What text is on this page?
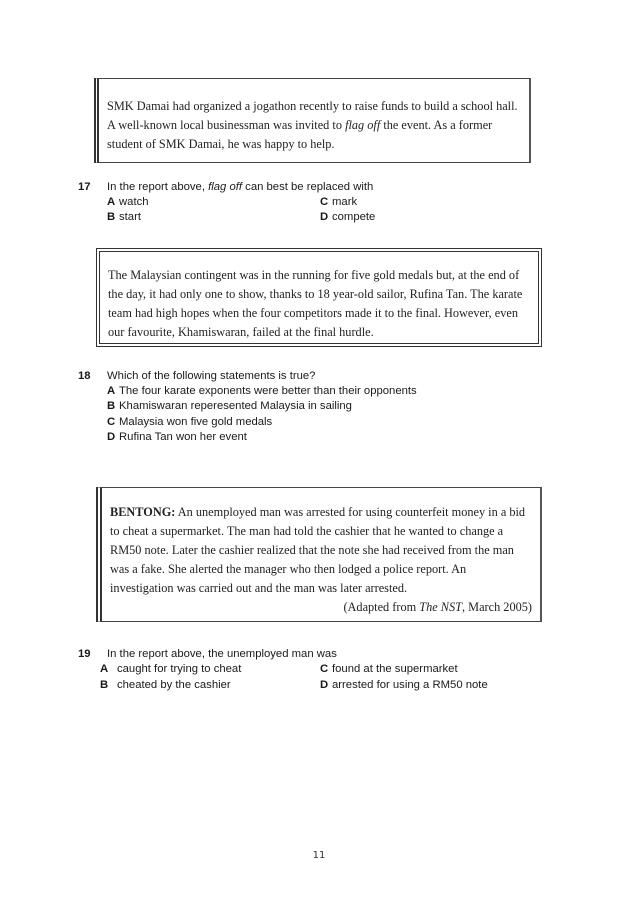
SMK Damai had organized a jogathon recently to raise funds to build a school hall. A well-known local businessman was invited to flag off the event. As a former student of SMK Damai, he was happy to help.

17 In the report above, flag off can best be replaced with
A watch
B start
C mark
D compete

The Malaysian contingent was in the running for five gold medals but, at the end of the day, it had only one to show, thanks to 18 year-old sailor, Rufina Tan. The karate team had high hopes when the four competitors made it to the final. However, even our favourite, Khamiswaran, failed at the final hurdle.

18 Which of the following statements is true?
A The four karate exponents were better than their opponents
B Khamiswaran reperesented Malaysia in sailing
C Malaysia won five gold medals
D Rufina Tan won her event

BENTONG: An unemployed man was arrested for using counterfeit money in a bid to cheat a supermarket. The man had told the cashier that he wanted to change a RM50 note. Later the cashier realized that the note she had received from the man was a fake. She alerted the manager who then lodged a police report. An investigation was carried out and the man was later arrested.

(Adapted from The NST, March 2005)

19 In the report above, the unemployed man was
A caught for trying to cheat
B cheated by the cashier
C found at the supermarket
D arrested for using a RM50 note
11
